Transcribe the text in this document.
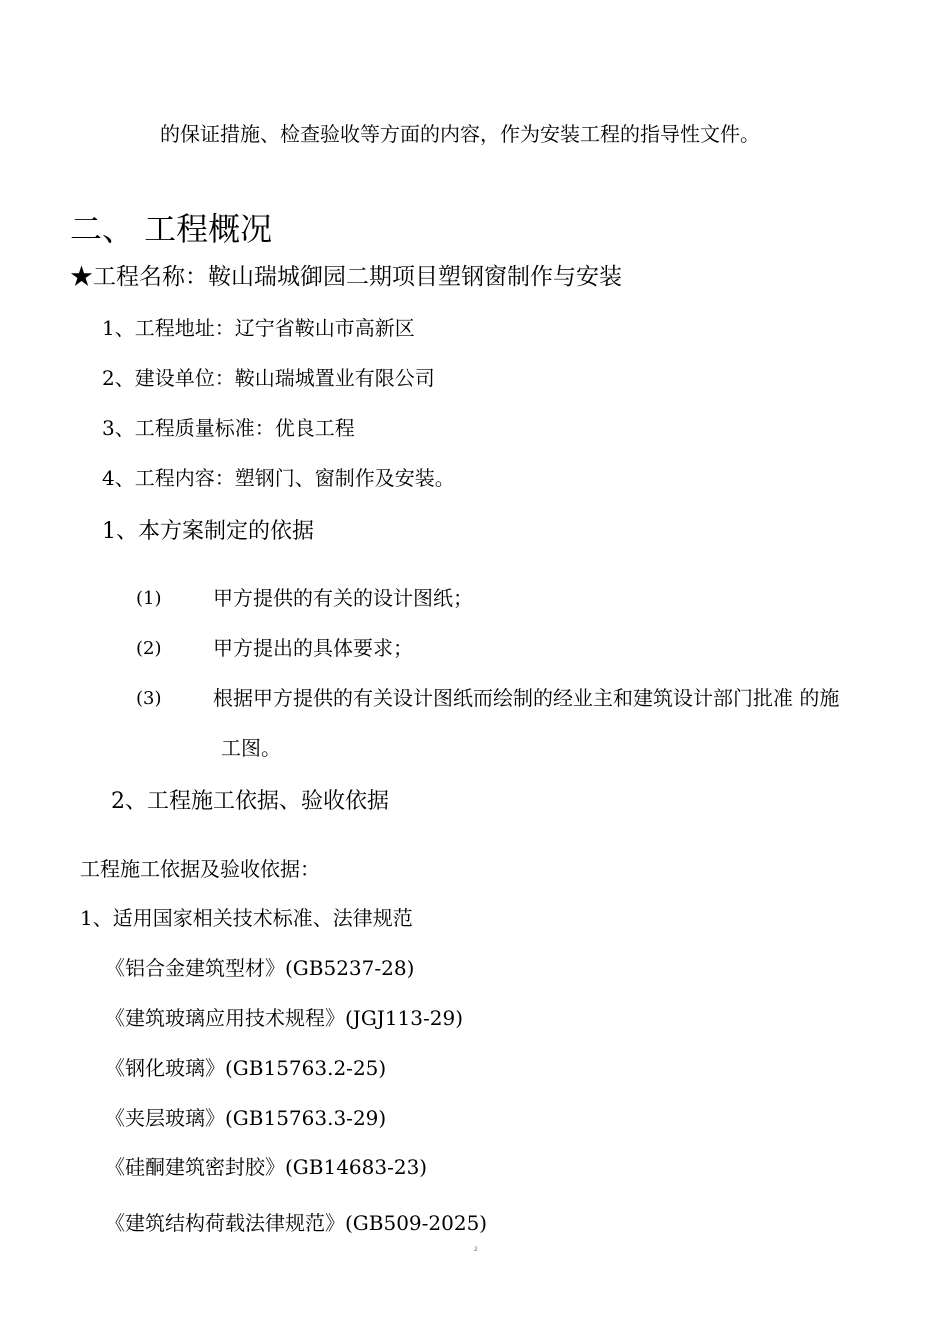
的保证措施、检查验收等方面的内容，作为安装工程的指导性文件。
二、 工程概况
★工程名称：鞍山瑞城御园二期项目塑钢窗制作与安装
1、工程地址：辽宁省鞍山市高新区
2、建设单位：鞍山瑞城置业有限公司
3、工程质量标准：优良工程
4、工程内容：塑钢门、窗制作及安装。
1、本方案制定的依据
(1)	甲方提供的有关的设计图纸；
(2)	甲方提出的具体要求；
(3)	根据甲方提供的有关设计图纸而绘制的经业主和建筑设计部门批准 的施
工图。
2、工程施工依据、验收依据
工程施工依据及验收依据：
1、适用国家相关技术标准、法律规范
《铝合金建筑型材》(GB5237-28)
《建筑玻璃应用技术规程》(JGJ113-29)
《钢化玻璃》(GB15763.2-25)
《夹层玻璃》(GB15763.3-29)
《硅酮建筑密封胶》(GB14683-23)
《建筑结构荷载法律规范》(GB509-2025)
2
